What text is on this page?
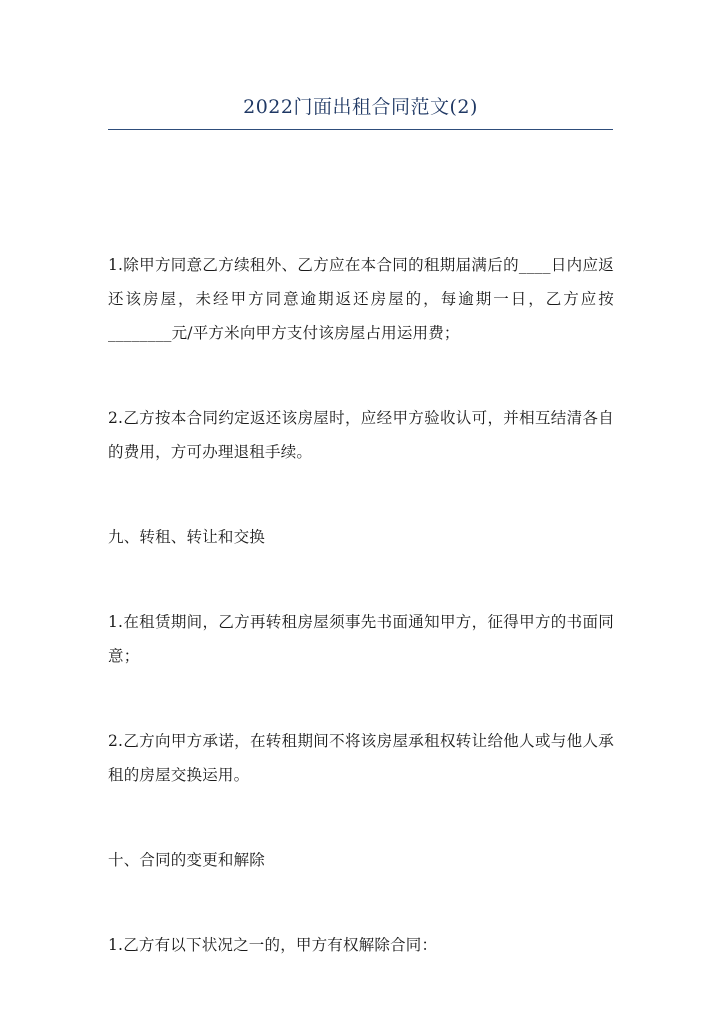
2022门面出租合同范文(2)

1.除甲方同意乙方续租外、乙方应在本合同的租期届满后的____日内应返还该房屋，未经甲方同意逾期返还房屋的，每逾期一日，乙方应按________元/平方米向甲方支付该房屋占用运用费；

2.乙方按本合同约定返还该房屋时，应经甲方验收认可，并相互结清各自的费用，方可办理退租手续。

九、转租、转让和交换

1.在租赁期间，乙方再转租房屋须事先书面通知甲方，征得甲方的书面同意；

2.乙方向甲方承诺，在转租期间不将该房屋承租权转让给他人或与他人承租的房屋交换运用。

十、合同的变更和解除

1.乙方有以下状况之一的，甲方有权解除合同：
